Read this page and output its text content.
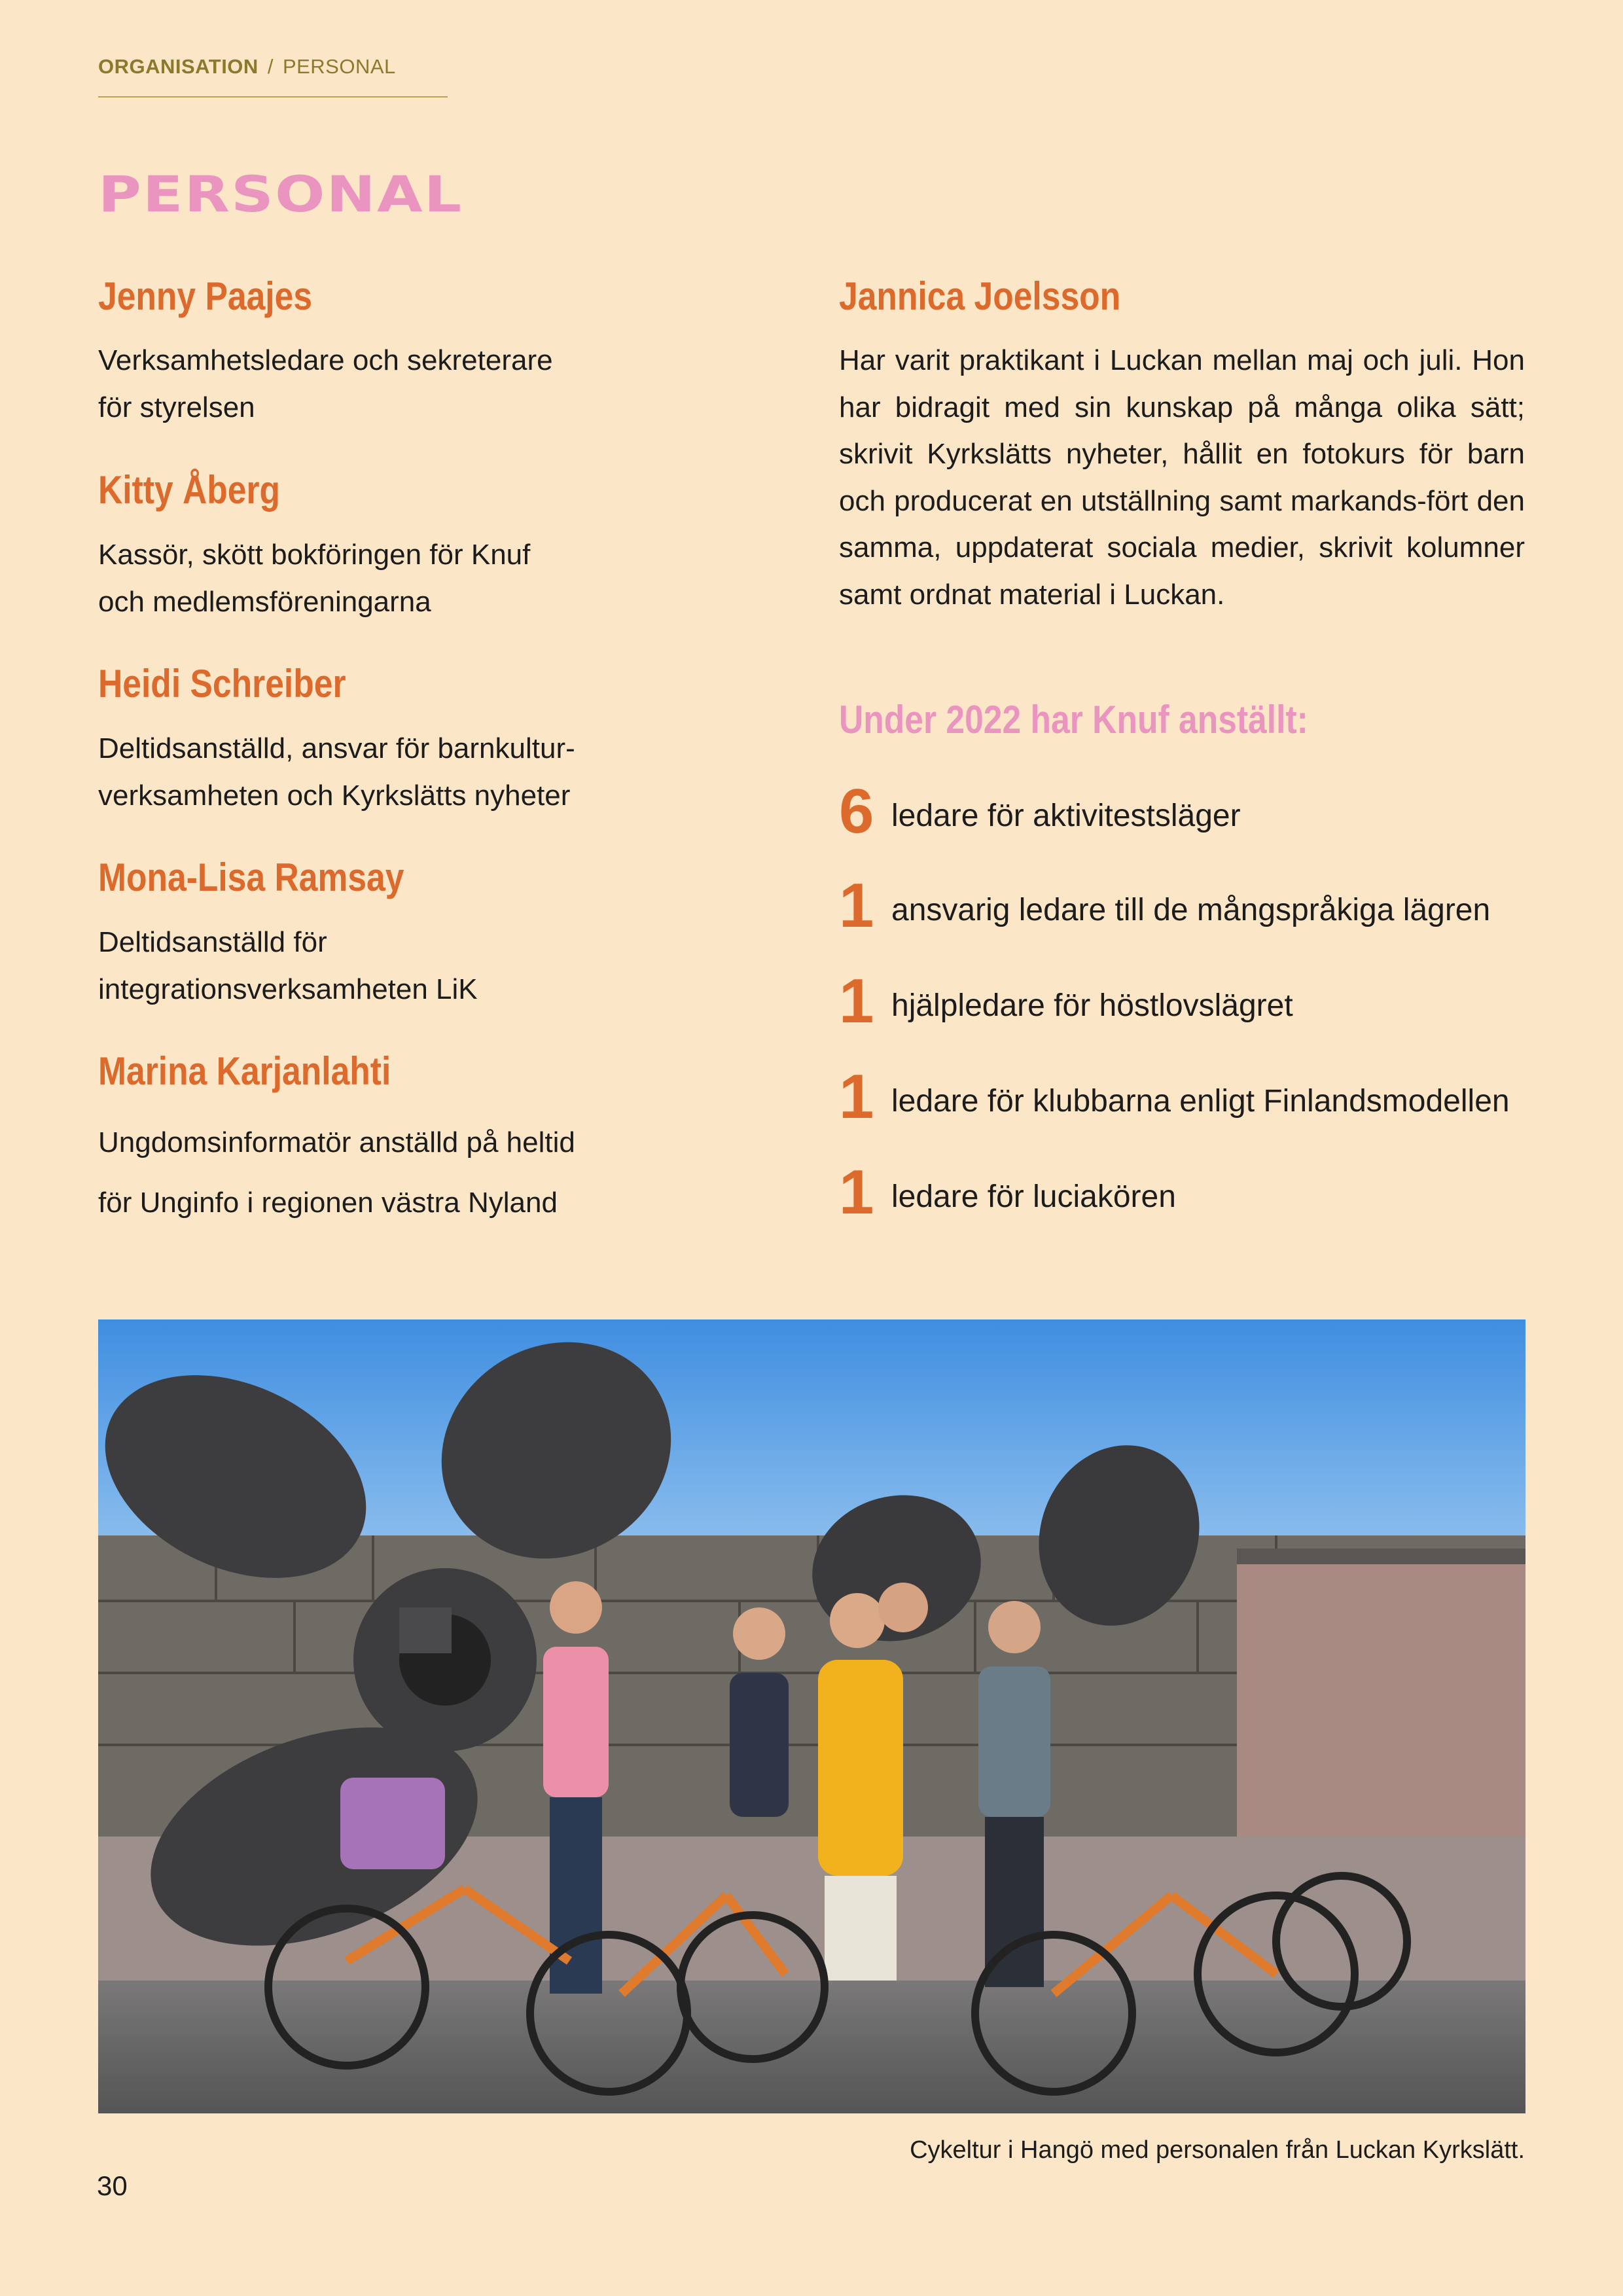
ORGANISATION / PERSONAL
PERSONAL
Jenny Paajes
Verksamhetsledare och sekreterare
för styrelsen
Kitty Åberg
Kassör, skött bokföringen för Knuf
och medlemsföreningarna
Heidi Schreiber
Deltidsanställd, ansvar för barnkultur-
verksamheten och Kyrkslätts nyheter
Mona-Lisa Ramsay
Deltidsanställd för
integrationsverksamheten LiK
Marina Karjanlahti
Ungdomsinformatör anställd på heltid
för Unginfo i regionen västra Nyland
Jannica Joelsson
Har varit praktikant i Luckan mellan maj och juli. Hon har bidragit med sin kunskap på många olika sätt; skrivit Kyrkslätts nyheter, hållit en fotokurs för barn och producerat en utställning samt markands-fört den samma, uppdaterat sociala medier, skrivit kolumner samt ordnat material i Luckan.
Under 2022 har Knuf anställt:
6 ledare för aktivitestsläger
1 ansvarig ledare till de mångspråkiga lägren
1 hjälpledare för höstlovslägret
1 ledare för klubbarna enligt Finlandsmodellen
1 ledare för luciakören
Cykeltur i Hangö med personalen från Luckan Kyrkslätt.
30
